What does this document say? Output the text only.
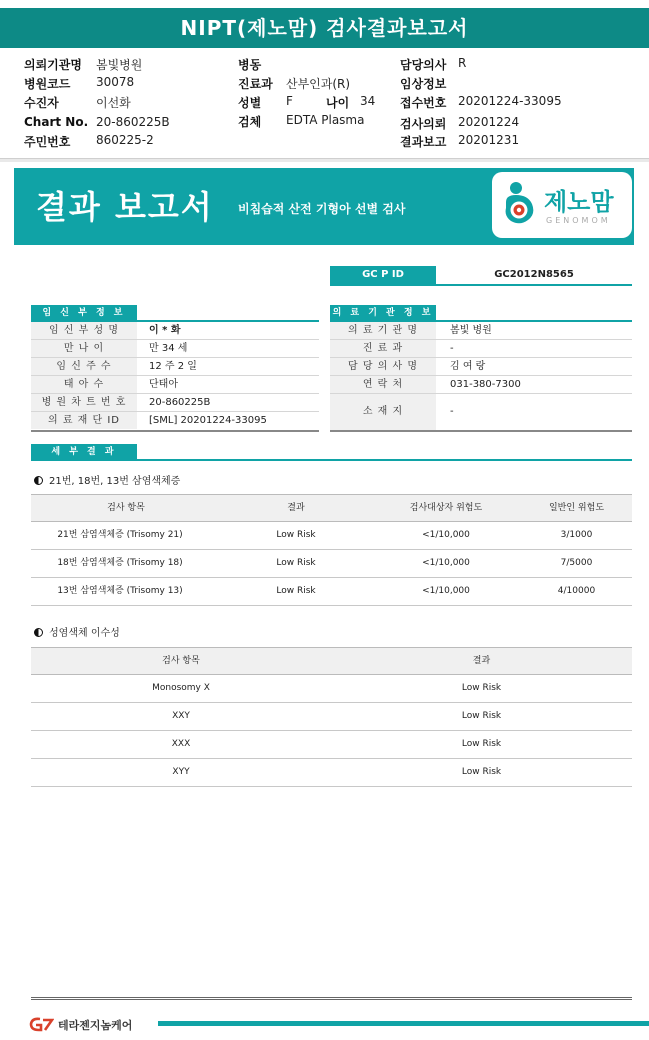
NIPT(제노맘) 검사결과보고서
의뢰기관명 봄빛병원
병원코드 30078
수진자	이선화
Chart No. 20-860225B
주민번호 860225-2
병동
진료과 산부인과(R)
성별 F	나이 34
검체 EDTA Plasma
담당의사 R
임상정보
접수번호 20201224-33095
검사의뢰 20201224
결과보고 20201231
결과 보고서 비침습적 산전 기형아 선별 검사	제노맘
GENOMOM
GC P ID	GC2012N8565
임 신 부 정 보
임 신 부 성 명	이 * 화
만 나 이	만 34 세
임 신 주 수	12 주 2 일
태 아 수	단태아
병 원 차 트 번 호	20-860225B
의 료 재 단 ID	[SML] 20201224-33095
의 료 기 관 정 보
의 료 기 관 명	봄빛 병원
진 료 과	-
담 당 의 사 명	김 여 랑
연 락 처	031-380-7300
소 재 지	-
세 부 결 과
21번, 18번, 13번 삼염색체증
검사 항목	결과	검사대상자 위험도	일반인 위험도
21번 삼염색체증 (Trisomy 21)	Low Risk	<1/10,000	3/1000
18번 삼염색체증 (Trisomy 18)	Low Risk	<1/10,000	7/5000
13번 삼염색체증 (Trisomy 13)	Low Risk	<1/10,000	4/10000
성염색체 이수성
검사 항목	결과
Monosomy X	Low Risk
XXY	Low Risk
XXX	Low Risk
XYY	Low Risk
테라젠지놈케어
